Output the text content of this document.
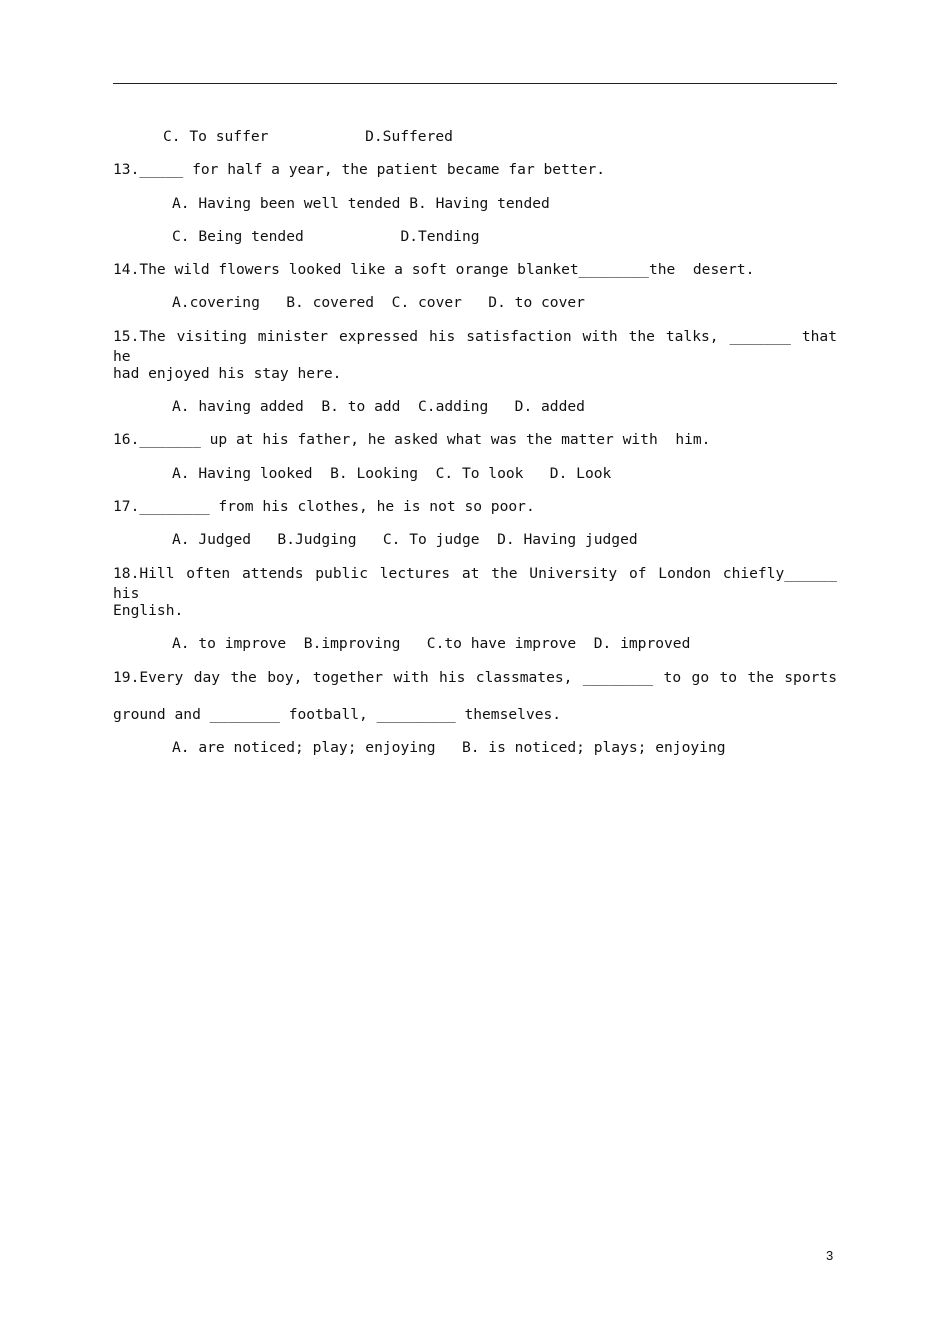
C. To suffer           D.Suffered
13._____ for half a year, the patient became far better.
A. Having been well tended B. Having tended
C. Being tended           D.Tending
14.The wild flowers looked like a soft orange blanket________the  desert.
A.covering   B. covered  C. cover   D. to cover
15.The visiting minister expressed his satisfaction with the talks, _______ that he
had enjoyed his stay here.
A. having added  B. to add  C.adding   D. added
16._______ up at his father, he asked what was the matter with  him.
A. Having looked  B. Looking  C. To look   D. Look
17.________ from his clothes, he is not so poor.
A. Judged   B.Judging   C. To judge  D. Having judged
18.Hill often attends public lectures at the University of London chiefly______ his
English.
A. to improve  B.improving   C.to have improve  D. improved
19.Every day the boy, together with his classmates, ________ to go to the sports
ground and ________ football, _________ themselves.
A. are noticed; play; enjoying   B. is noticed; plays; enjoying
3
